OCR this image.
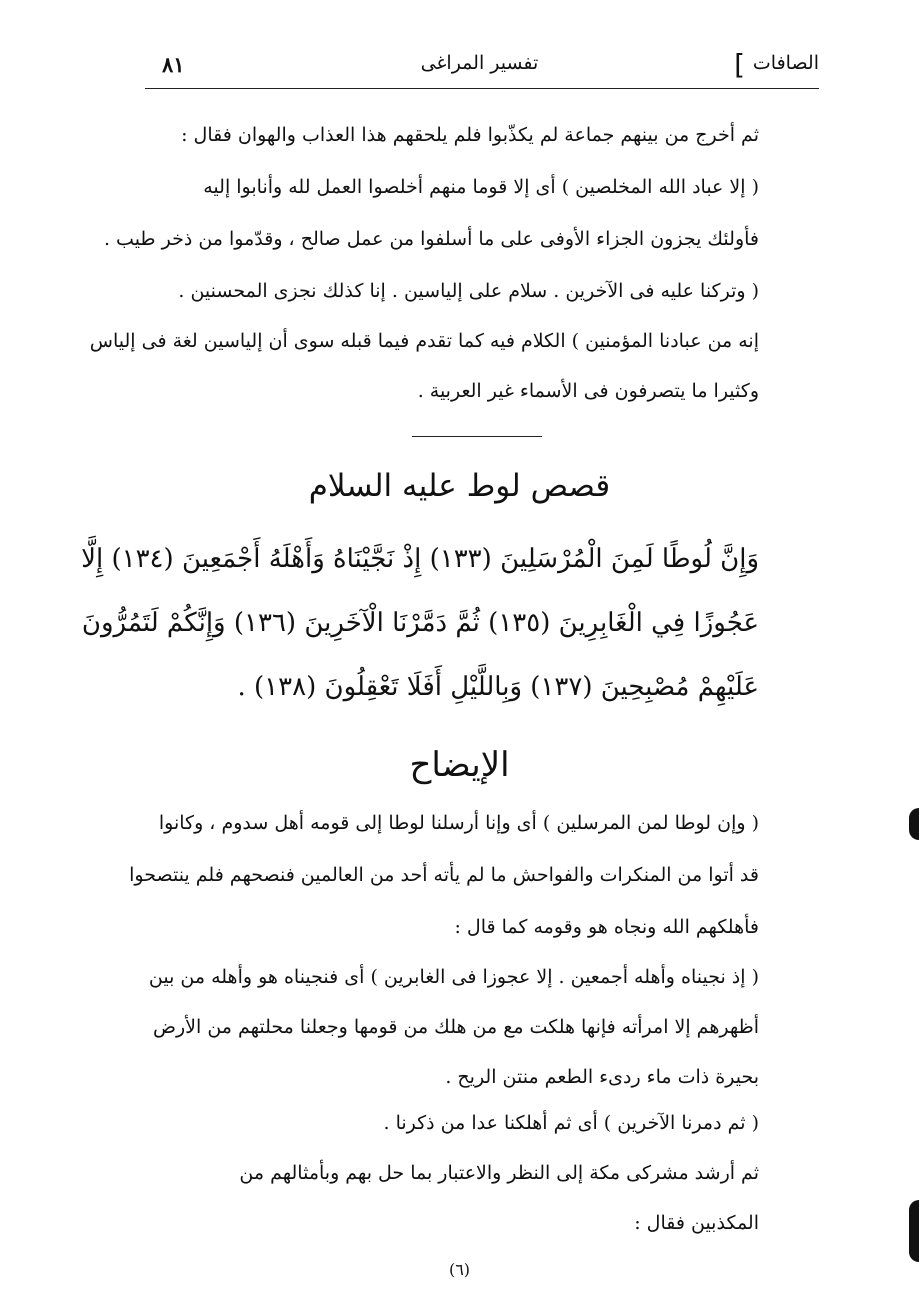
الصافات
]
تفسير المراغى
٨١
ثم أخرج من بينهم جماعة لم يكذّبوا فلم يلحقهم هذا العذاب والهوان فقال :
( إلا عباد الله المخلصين ) أى إلا قوما منهم أخلصوا العمل لله وأنابوا إليه
فأولئك يجزون الجزاء الأوفى على ما أسلفوا من عمل صالح ، وقدّموا من ذخر طيب .
( وتركنا عليه فى الآخرين . سلام على إلياسين . إنا كذلك نجزى المحسنين .
إنه من عبادنا المؤمنين ) الكلام فيه كما تقدم فيما قبله سوى أن إلياسين لغة فى إلياس
وكثيرا ما يتصرفون فى الأسماء غير العربية .
قصص لوط عليه السلام
وَإِنَّ لُوطًا لَمِنَ الْمُرْسَلِينَ (١٣٣) إِذْ نَجَّيْنَاهُ وَأَهْلَهُ أَجْمَعِينَ (١٣٤) إِلَّا
عَجُوزًا فِي الْغَابِرِينَ (١٣٥) ثُمَّ دَمَّرْنَا الْآخَرِينَ (١٣٦) وَإِنَّكُمْ لَتَمُرُّونَ
عَلَيْهِمْ مُصْبِحِينَ (١٣٧) وَبِاللَّيْلِ أَفَلَا تَعْقِلُونَ (١٣٨) .
الإيضاح
( وإن لوطا لمن المرسلين ) أى وإنا أرسلنا لوطا إلى قومه أهل سدوم ، وكانوا
قد أتوا من المنكرات والفواحش ما لم يأته أحد من العالمين فنصحهم فلم ينتصحوا
فأهلكهم الله ونجاه هو وقومه كما قال :
( إذ نجيناه وأهله أجمعين . إلا عجوزا فى الغابرين ) أى فنجيناه هو وأهله من بين
أظهرهم إلا امرأته فإنها هلكت مع من هلك من قومها وجعلنا محلتهم من الأرض
بحيرة ذات ماء ردىء الطعم منتن الريح .
( ثم دمرنا الآخرين ) أى ثم أهلكنا عدا من ذكرنا .
ثم أرشد مشركى مكة إلى النظر والاعتبار بما حل بهم وبأمثالهم من
المكذبين فقال :
(٦)
